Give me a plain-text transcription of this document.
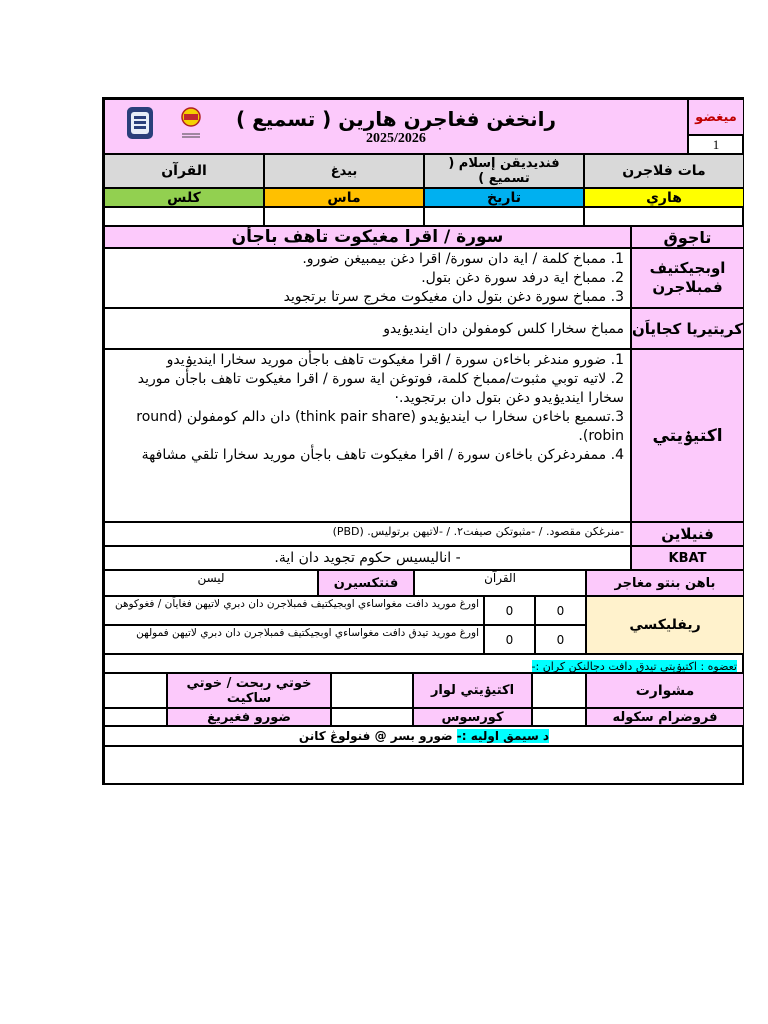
رانخغن فغاجرن هارين ( تسميع )
2025/2026
ميغضو
1
مات فلاجرن
فنديديقن إسلام ( تسميع )
بيدغ
القرآن
هاري
تاريخ
ماس
كلس
تاجوق
سورة / اقرا مغيكوت تاهف باجأن
اوبجيكتيف فمبلاجرن

1. ممباخ كلمة / اية دان سورة/ اقرا دغن بيمبيغن ضورو.

2. ممباخ اية درفد سورة دغن بتول.

3. ممباخ سورة دغن بتول دان مغيكوت مخرج سرتا برتجويد

كريتيريا كجاياَن
ممباخ سخارا كلس كومفولن دان اينديۏيدو
اكتيۏيتي

1. ضورو مندغر باخاءن سورة / اقرا مغيكوت تاهف باجأن موريد سخارا اينديۏيدو

2. لاتيه توبي مثبوت/ممباخ كلمة، فوتوغن اية سورة / اقرا مغيكوت تاهف باجأن موريد سخارا اينديۏيدو دغن بتول دان برتجويد.·

3.تسميع باخاءن سخارا ب اينديۏيدو (think pair share) دان دالم كومفولن (round robin).

4. ممفردغركن باخاءن سورة / اقرا مغيكوت تاهف باجأن موريد سخارا تلقي مشافهة

فنيلاين
-منرغكن مقصود. / -مثبوتكن صيفت٢. / -لاتيهن برتوليس. (PBD)
KBAT
- اناليسيس حكوم تجويد دان اية.
باهن بنتو مغاجر
القرآن
فنتكسيرن
ليسن
ريفليكسي
0
0
اورغ موريد دافت مغواساءي اوبجيكتيف فمبلاجرن دان دبري لاتيهن فغاياَن / فغوكوهن
0
0
اورغ موريد تيدق دافت مغواساءي اوبجيكتيف فمبلاجرن دان دبري لاتيهن فمولهن
تعضوه : اكتيۏيتي تيدق دافت دجالنكن كران :-
مشوارت
اكتيۏيتي لوار
خوتي ربحت / خوتي ساكيت
فروضرام سكوله
كورسوس
ضورو فغيريغ
د سيمق اوليه :-

ضورو بسر @ فنولوڠ كانن
